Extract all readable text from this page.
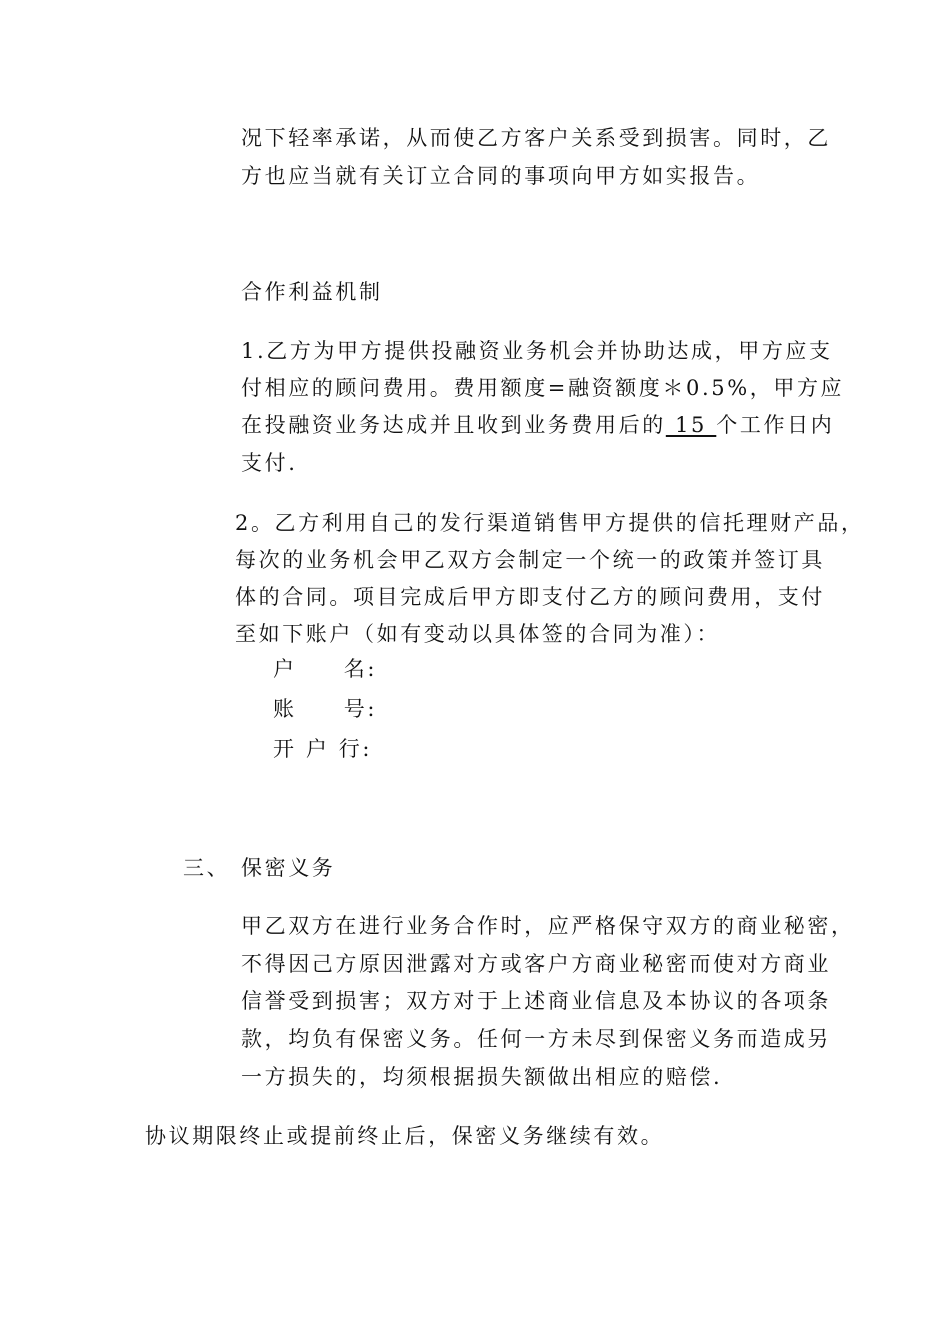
况下轻率承诺，从而使乙方客户关系受到损害。同时，乙
方也应当就有关订立合同的事项向甲方如实报告。
合作利益机制
1.乙方为甲方提供投融资业务机会并协助达成，甲方应支
付相应的顾问费用。费用额度=融资额度＊0.5%，甲方应
在投融资业务达成并且收到业务费用后的 15 个工作日内
支付.
2。乙方利用自己的发行渠道销售甲方提供的信托理财产品，
每次的业务机会甲乙双方会制定一个统一的政策并签订具
体的合同。项目完成后甲方即支付乙方的顾问费用，支付
至如下账户（如有变动以具体签的合同为准）：
户　　名:
账　　号:
开 户 行:
三、 保密义务
甲乙双方在进行业务合作时，应严格保守双方的商业秘密，
不得因己方原因泄露对方或客户方商业秘密而使对方商业
信誉受到损害；双方对于上述商业信息及本协议的各项条
款，均负有保密义务。任何一方未尽到保密义务而造成另
一方损失的，均须根据损失额做出相应的赔偿.
协议期限终止或提前终止后，保密义务继续有效。
